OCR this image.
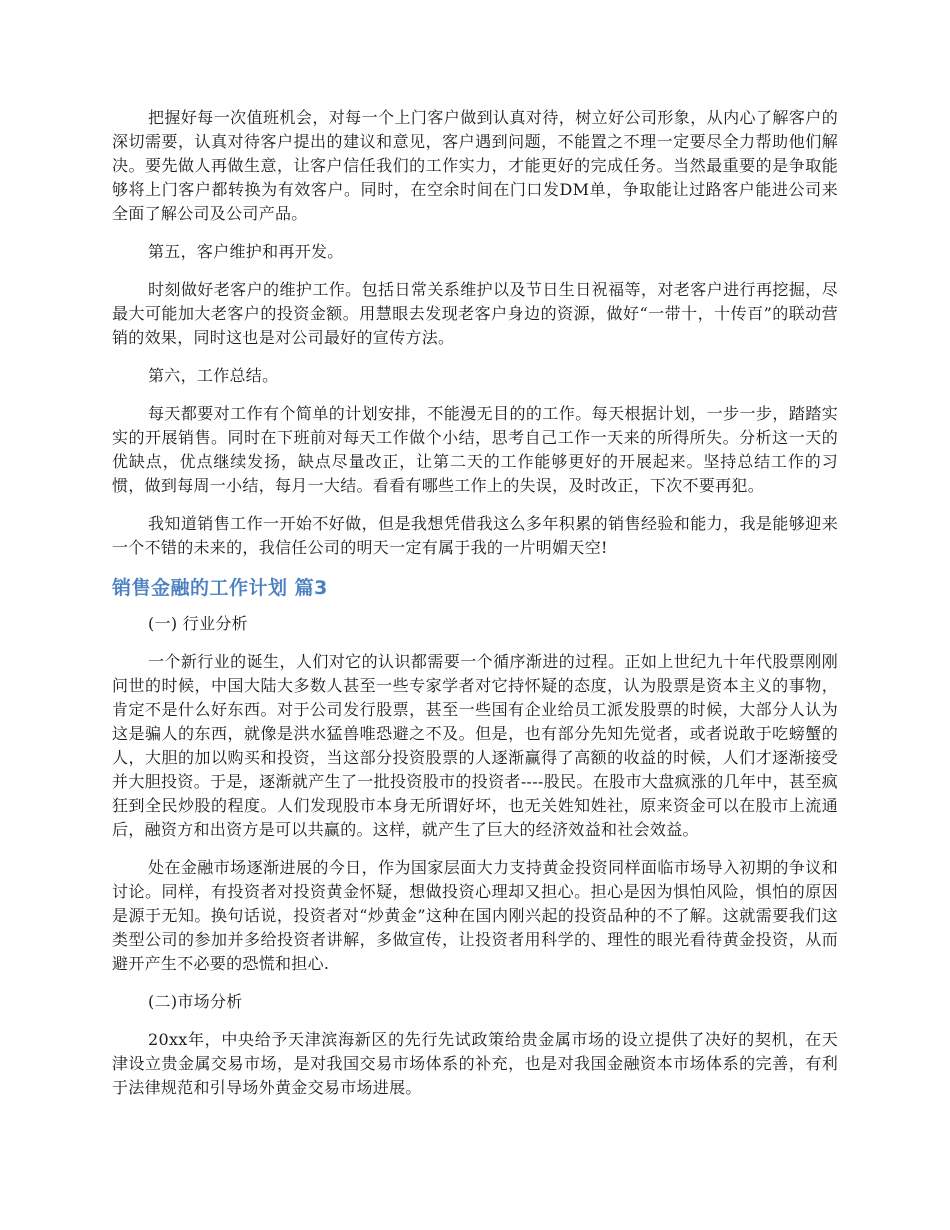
把握好每一次值班机会，对每一个上门客户做到认真对待，树立好公司形象，从内心了解客户的深切需要，认真对待客户提出的建议和意见，客户遇到问题，不能置之不理一定要尽全力帮助他们解决。要先做人再做生意，让客户信任我们的工作实力，才能更好的完成任务。当然最重要的是争取能够将上门客户都转换为有效客户。同时，在空余时间在门口发DM单，争取能让过路客户能进公司来全面了解公司及公司产品。

第五，客户维护和再开发。

时刻做好老客户的维护工作。包括日常关系维护以及节日生日祝福等，对老客户进行再挖掘，尽最大可能加大老客户的投资金额。用慧眼去发现老客户身边的资源，做好“一带十，十传百”的联动营销的效果，同时这也是对公司最好的宣传方法。

第六，工作总结。

每天都要对工作有个简单的计划安排，不能漫无目的的工作。每天根据计划，一步一步，踏踏实实的开展销售。同时在下班前对每天工作做个小结，思考自己工作一天来的所得所失。分析这一天的优缺点，优点继续发扬，缺点尽量改正，让第二天的工作能够更好的开展起来。坚持总结工作的习惯，做到每周一小结，每月一大结。看看有哪些工作上的失误，及时改正，下次不要再犯。

我知道销售工作一开始不好做，但是我想凭借我这么多年积累的销售经验和能力，我是能够迎来一个不错的未来的，我信任公司的明天一定有属于我的一片明媚天空!

销售金融的工作计划 篇3

(一) 行业分析

一个新行业的诞生，人们对它的认识都需要一个循序渐进的过程。正如上世纪九十年代股票刚刚问世的时候，中国大陆大多数人甚至一些专家学者对它持怀疑的态度，认为股票是资本主义的事物，肯定不是什么好东西。对于公司发行股票，甚至一些国有企业给员工派发股票的时候，大部分人认为这是骗人的东西，就像是洪水猛兽唯恐避之不及。但是，也有部分先知先觉者，或者说敢于吃螃蟹的人，大胆的加以购买和投资，当这部分投资股票的人逐渐赢得了高额的收益的时候，人们才逐渐接受并大胆投资。于是，逐渐就产生了一批投资股市的投资者----股民。在股市大盘疯涨的几年中，甚至疯狂到全民炒股的程度。人们发现股市本身无所谓好坏，也无关姓知姓社，原来资金可以在股市上流通后，融资方和出资方是可以共赢的。这样，就产生了巨大的经济效益和社会效益。

处在金融市场逐渐进展的今日，作为国家层面大力支持黄金投资同样面临市场导入初期的争议和讨论。同样，有投资者对投资黄金怀疑，想做投资心理却又担心。担心是因为惧怕风险，惧怕的原因是源于无知。换句话说，投资者对“炒黄金”这种在国内刚兴起的投资品种的不了解。这就需要我们这类型公司的参加并多给投资者讲解，多做宣传，让投资者用科学的、理性的眼光看待黄金投资，从而避开产生不必要的恐慌和担心.

(二)市场分析

20xx年，中央给予天津滨海新区的先行先试政策给贵金属市场的设立提供了决好的契机，在天津设立贵金属交易市场，是对我国交易市场体系的补充，也是对我国金融资本市场体系的完善，有利于法律规范和引导场外黄金交易市场进展。
